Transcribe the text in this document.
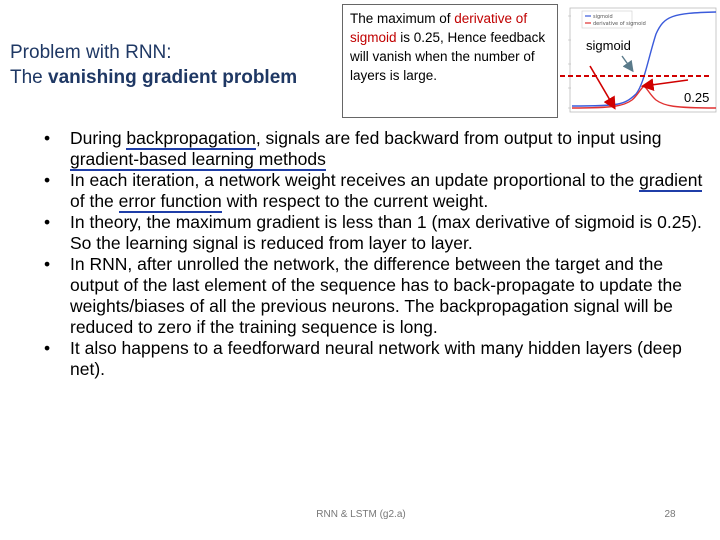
Problem with RNN:
The vanishing gradient problem
The maximum of derivative of sigmoid is 0.25, Hence feedback will vanish when the number of layers is large.
sigmoid
derivative of sigmoid
sigmoid
0.25
• During backpropagation, signals are fed backward from output to input using gradient-based learning methods
• In each iteration, a network weight receives an update proportional to the gradient of the error function with respect to the current weight.
• In theory, the maximum gradient is less than 1 (max derivative of sigmoid is 0.25). So the learning signal is reduced from layer to layer.
• In RNN, after unrolled the network, the difference between the target and the output of the last element of the sequence has to back-propagate to update the weights/biases of all the previous neurons. The backpropagation signal will be reduced to zero if the training sequence is long.
• It also happens to a feedforward neural network with many hidden layers (deep net).
RNN & LSTM (g2.a)	28
